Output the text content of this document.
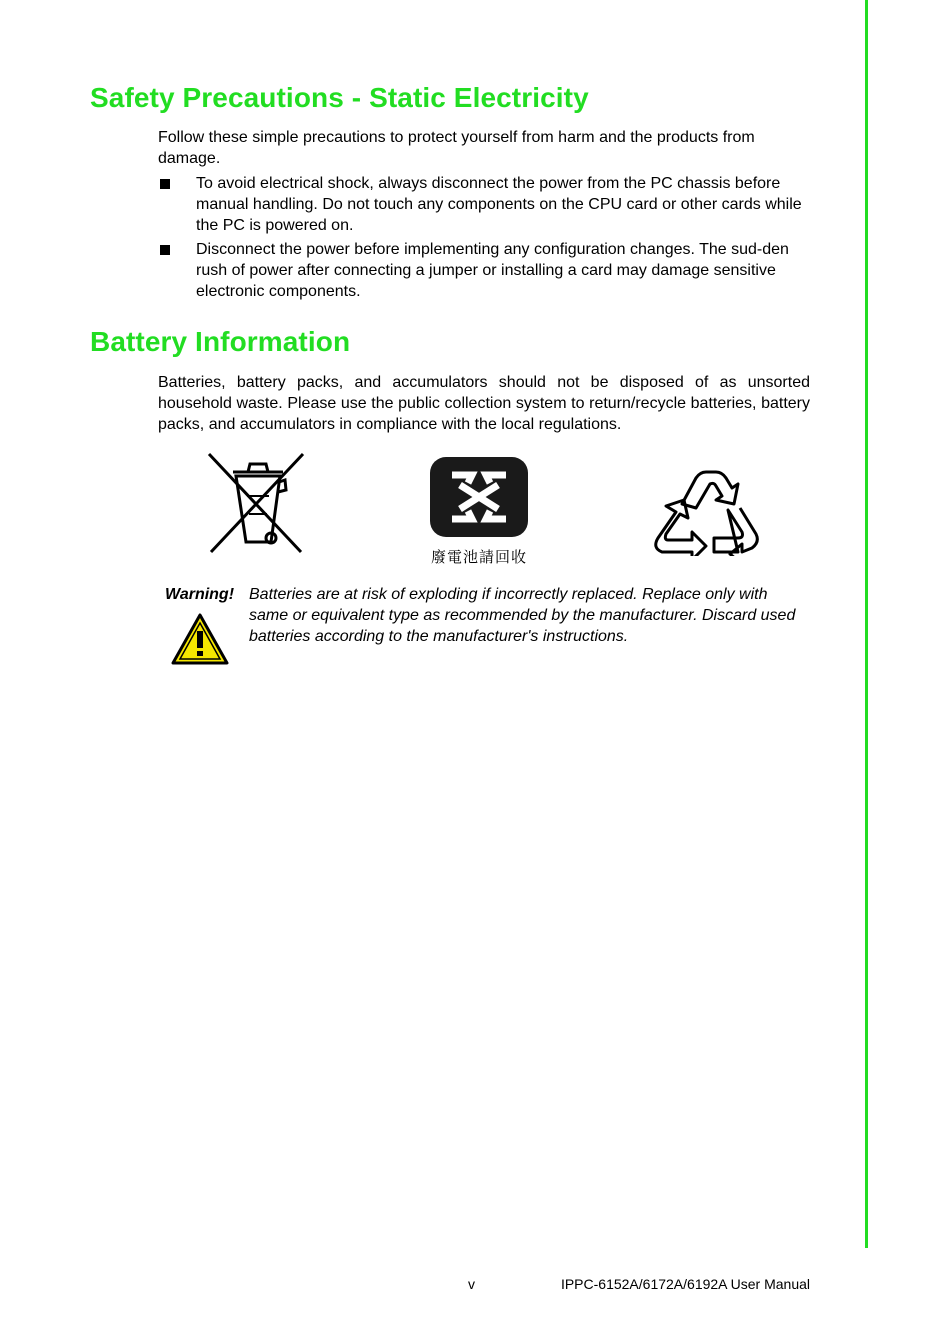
Safety Precautions - Static Electricity

Follow these simple precautions to protect yourself from harm and the products from damage.

To avoid electrical shock, always disconnect the power from the PC chassis before manual handling. Do not touch any components on the CPU card or other cards while the PC is powered on.
Disconnect the power before implementing any configuration changes. The sud-den rush of power after connecting a jumper or installing a card may damage sensitive electronic components.
Battery Information

Batteries, battery packs, and accumulators should not be disposed of as unsorted household waste. Please use the public collection system to return/recycle batteries, battery packs, and accumulators in compliance with the local regulations.

廢電池請回收
Warning! Batteries are at risk of exploding if incorrectly replaced. Replace only with same or equivalent type as recommended by the manufacturer. Discard used batteries according to the manufacturer's instructions.

v	IPPC-6152A/6172A/6192A User Manual
